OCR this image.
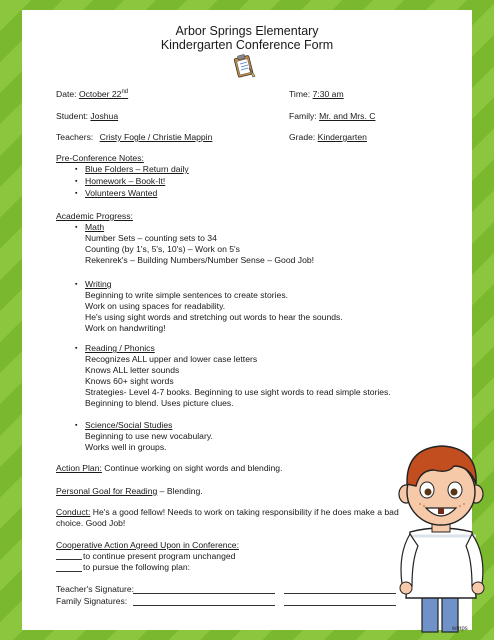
Arbor Springs Elementary
Kindergarten Conference Form
Date: October 22nd	Time: 7:30 am
Student: Joshua	Family: Mr. and Mrs. C
Teachers: Cristy Fogle / Christie Mappin	Grade: Kindergarten
Pre-Conference Notes:
▪ Blue Folders – Return daily
▪ Homework – Book-It!
▪ Volunteers Wanted
Academic Progress:
▪ Math
Number Sets – counting sets to 34
Counting (by 1's, 5's, 10's) – Work on 5's
Rekenrek's – Building Numbers/Number Sense – Good Job!
▪ Writing
Beginning to write simple sentences to create stories.
Work on using spaces for readability.
He's using sight words and stretching out words to hear the sounds.
Work on handwriting!
▪ Reading / Phonics
Recognizes ALL upper and lower case letters
Knows ALL letter sounds
Knows 60+ sight words
Strategies- Level 4-7 books. Beginning to use sight words to read simple stories.
Beginning to blend. Uses picture clues.
▪ Science/Social Studies
Beginning to use new vocabulary.
Works well in groups.
Action Plan: Continue working on sight words and blending.
Personal Goal for Reading – Blending.
Conduct: He's a good fellow! Needs to work on taking responsibility if he does make a bad
choice. Good Job!
Cooperative Action Agreed Upon in Conference:
to continue present program unchanged
to pursue the following plan:
Teacher's Signature:
Family Signatures:
wmps
